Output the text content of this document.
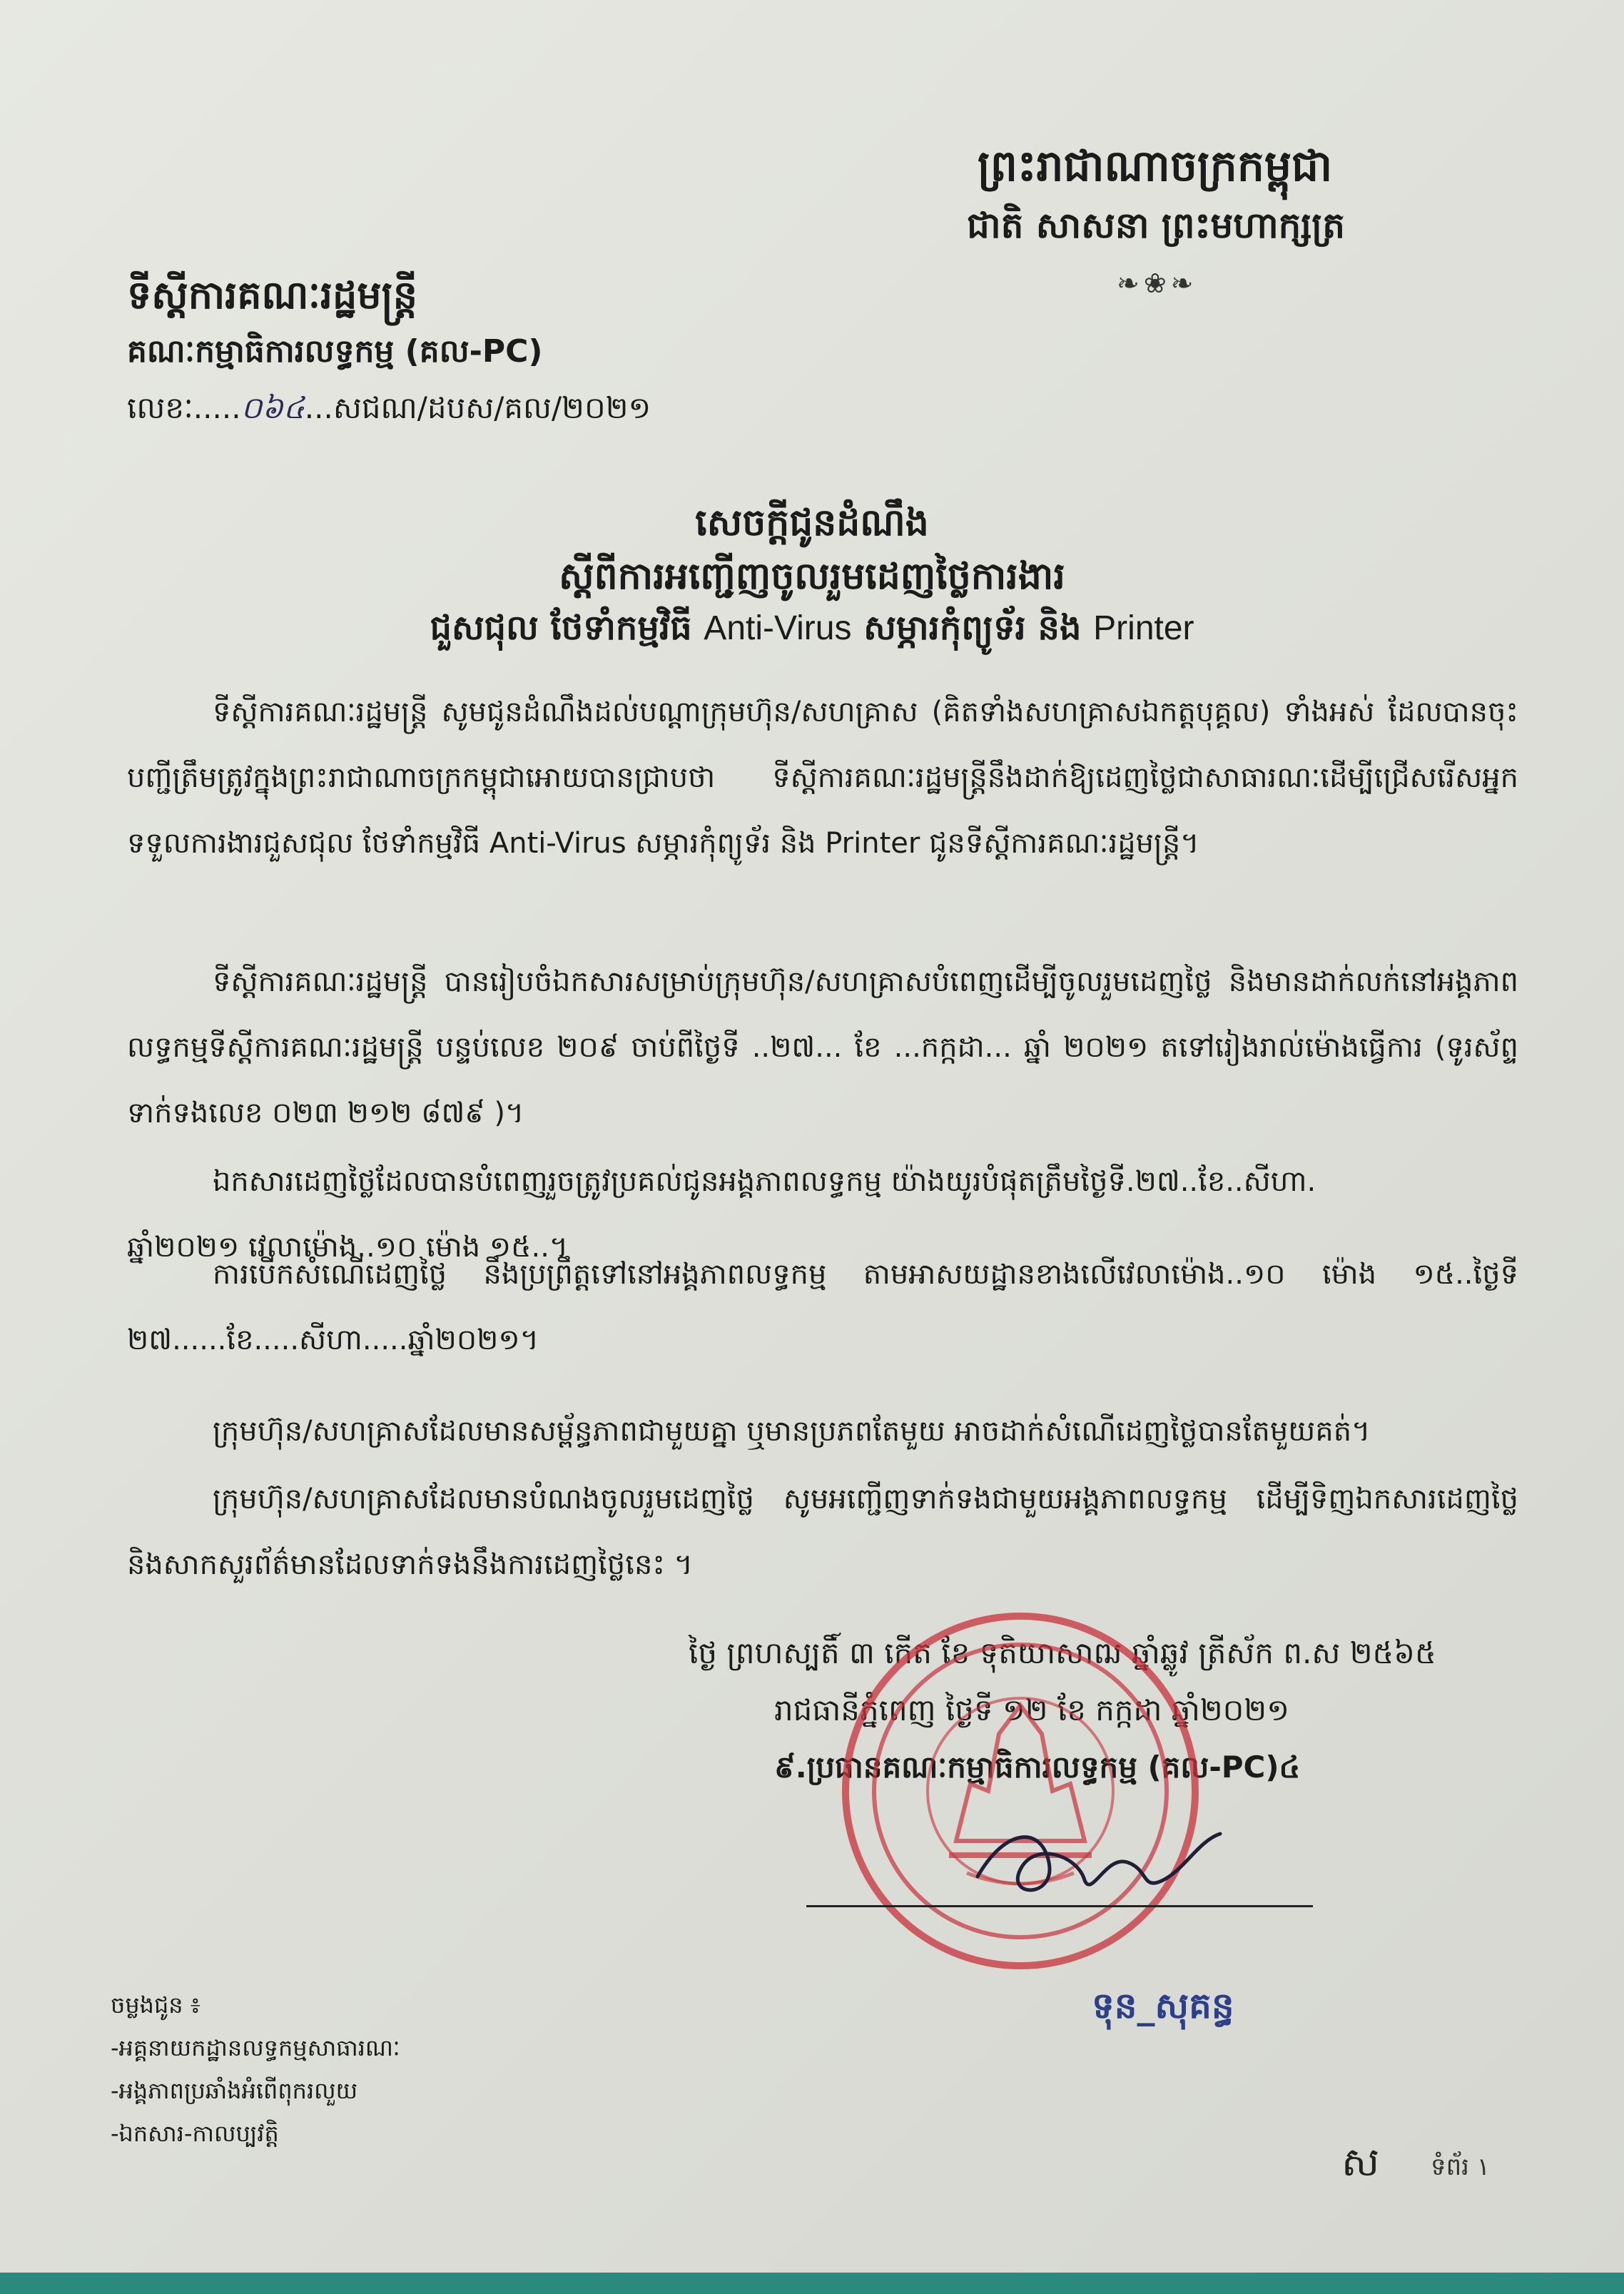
ព្រះរាជាណាចក្រកម្ពុជា
ជាតិ សាសនា ព្រះមហាក្សត្រ
❧❀❧
ទីស្តីការគណៈរដ្ឋមន្ត្រី
គណៈកម្មាធិការលទ្ធកម្ម (គល-PC)
លេខៈ.....០៦៤...សជណ/ដបស/គល/២០២១
សេចក្តីជូនដំណឹង
ស្តីពីការអញ្ជើញចូលរួមដេញថ្លៃការងារ
ជួសជុល ថែទាំកម្មវិធី Anti-Virus សម្ភារកុំព្យូទ័រ និង Printer
ទីស្តីការគណៈរដ្ឋមន្ត្រី សូមជូនដំណឹងដល់បណ្តាក្រុមហ៊ុន/សហគ្រាស (គិតទាំងសហគ្រាសឯកត្តបុគ្គល) ទាំងអស់ ដែលបានចុះបញ្ជីត្រឹមត្រូវក្នុងព្រះរាជាណាចក្រកម្ពុជាអោយបានជ្រាបថា ទីស្តីការគណៈរដ្ឋមន្ត្រីនឹងដាក់ឱ្យដេញថ្លៃជាសាធារណៈដើម្បីជ្រើសរើសអ្នកទទួលការងារជួសជុល ថែទាំកម្មវិធី Anti-Virus សម្ភារកុំព្យូទ័រ និង Printer ជូនទីស្តីការគណៈរដ្ឋមន្ត្រី។
ទីស្តីការគណៈរដ្ឋមន្ត្រី បានរៀបចំឯកសារសម្រាប់ក្រុមហ៊ុន/សហគ្រាសបំពេញដើម្បីចូលរួមដេញថ្លៃ និងមានដាក់លក់នៅអង្គភាពលទ្ធកម្មទីស្តីការគណៈរដ្ឋមន្ត្រី បន្ទប់លេខ ២០៩ ចាប់ពីថ្ងៃទី ..២៧... ខែ ...កក្កដា... ឆ្នាំ ២០២១ តទៅរៀងរាល់ម៉ោងធ្វើការ (ទូរស័ព្ទទាក់ទងលេខ ០២៣ ២១២ ៨៧៩ )។
ឯកសារដេញថ្លៃដែលបានបំពេញរួចត្រូវប្រគល់ជូនអង្គភាពលទ្ធកម្ម យ៉ាងយូរបំផុតត្រឹមថ្ងៃទី.២៧..ខែ..សីហា.
ឆ្នាំ២០២១ វេលាម៉ោង..១០ ម៉ោង ១៥..។
ការបើកសំណើដេញថ្លៃ នឹងប្រព្រឹត្តទៅនៅអង្គភាពលទ្ធកម្ម តាមអាសយដ្ឋានខាងលើវេលាម៉ោង..១០ ម៉ោង ១៥..ថ្ងៃទី ២៧......ខែ.....សីហា.....ឆ្នាំ២០២១។
ក្រុមហ៊ុន/សហគ្រាសដែលមានសម្ព័ន្ធភាពជាមួយគ្នា ឬមានប្រភពតែមួយ អាចដាក់សំណើដេញថ្លៃបានតែមួយគត់។
ក្រុមហ៊ុន/សហគ្រាសដែលមានបំណងចូលរួមដេញថ្លៃ សូមអញ្ជើញទាក់ទងជាមួយអង្គភាពលទ្ធកម្ម ដើម្បីទិញឯកសារដេញថ្លៃ និងសាកសួរព័ត៌មានដែលទាក់ទងនឹងការដេញថ្លៃនេះ ។
ថ្ងៃ ព្រហស្បតិ៍ ៣ កើត ខែ ទុតិយាសាឍ ឆ្នាំឆ្លូវ ត្រីស័ក ព.ស ២៥៦៥
រាជធានីភ្នំពេញ ថ្ងៃទី ១២ ខែ កក្កដា ឆ្នាំ២០២១
៩.ប្រធានគណៈកម្មាធិការលទ្ធកម្ម (គល-PC)៤
ទុន_សុគន្ធ
ចម្លងជូន ៖
-អគ្គនាយកដ្ឋានលទ្ធកម្មសាធារណៈ
-អង្គភាពប្រឆាំងអំពើពុករលួយ
-ឯកសារ-កាលប្បវត្តិ
ស ទំព័រ ١
